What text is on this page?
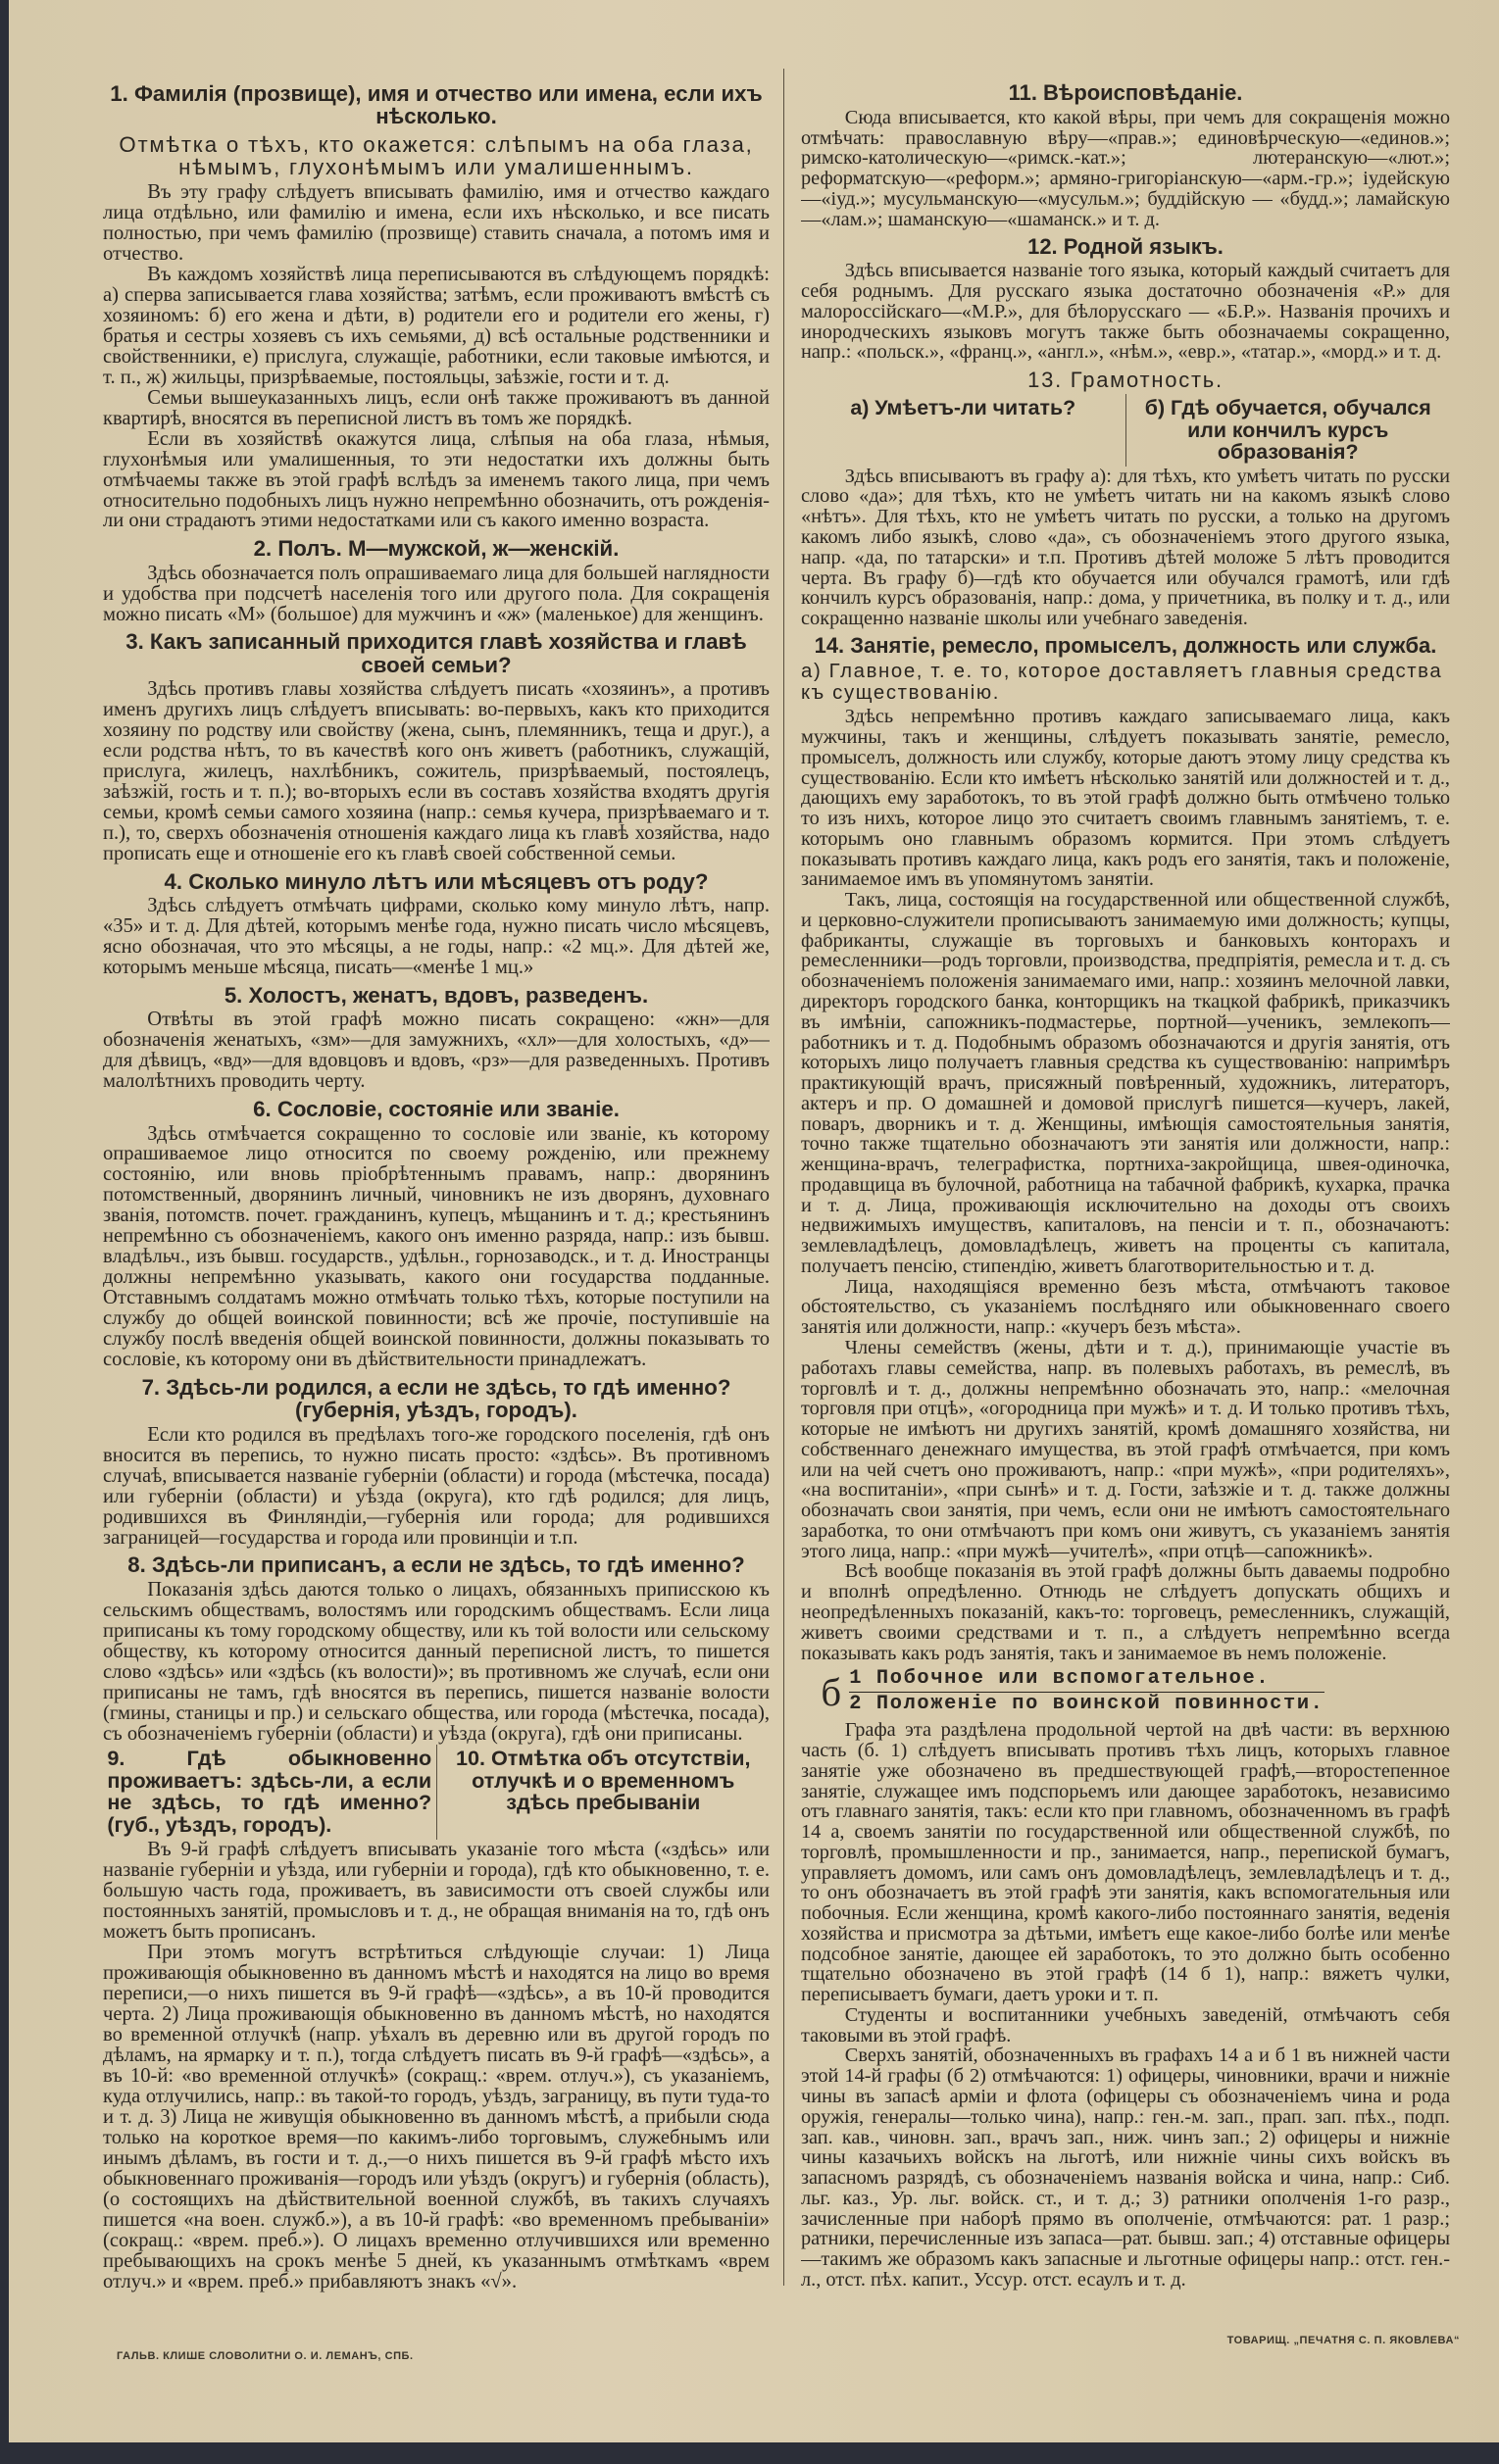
1. Фамилія (прозвище), имя и отчество или имена, если ихъ нѣсколько.
Отмѣтка о тѣхъ, кто окажется: слѣпымъ на оба глаза, нѣмымъ, глухонѣмымъ или умалишеннымъ.

Въ эту графу слѣдуетъ вписывать фамилію, имя и отчество каждаго лица отдѣльно, или фамилію и имена, если ихъ нѣсколько, и все писать полностью, при чемъ фамилію (прозвище) ставить сначала, а потомъ имя и отчество.

Въ каждомъ хозяйствѣ лица переписываются въ слѣдующемъ порядкѣ: а) сперва записывается глава хозяйства; затѣмъ, если проживаютъ вмѣстѣ съ хозяиномъ: б) его жена и дѣти, в) родители его и родители его жены, г) братья и сестры хозяевъ съ ихъ семьями, д) всѣ остальные родственники и свойственники, е) прислуга, служащіе, работники, если таковые имѣются, и т. п., ж) жильцы, призрѣваемые, постояльцы, заѣзжіе, гости и т. д.

Семьи вышеуказанныхъ лицъ, если онѣ также проживаютъ въ данной квартирѣ, вносятся въ переписной листъ въ томъ же порядкѣ.

Если въ хозяйствѣ окажутся лица, слѣпыя на оба глаза, нѣмыя, глухонѣмыя или умалишенныя, то эти недостатки ихъ должны быть отмѣчаемы также въ этой графѣ вслѣдъ за именемъ такого лица, при чемъ относительно подобныхъ лицъ нужно непремѣнно обозначить, отъ рожденія-ли они страдаютъ этими недостатками или съ какого именно возраста.

2. Полъ. М—мужской, ж—женскій.

Здѣсь обозначается полъ опрашиваемаго лица для большей наглядности и удобства при подсчетѣ населенія того или другого пола. Для сокращенія можно писать «М» (большое) для мужчинъ и «ж» (маленькое) для женщинъ.

3. Какъ записанный приходится главѣ хозяйства и главѣ своей семьи?

Здѣсь противъ главы хозяйства слѣдуетъ писать «хозяинъ», а противъ именъ другихъ лицъ слѣдуетъ вписывать: во-первыхъ, какъ кто приходится хозяину по родству или свойству (жена, сынъ, племянникъ, теща и друг.), а если родства нѣтъ, то въ качествѣ кого онъ живетъ (работникъ, служащій, прислуга, жилецъ, нахлѣбникъ, сожитель, призрѣваемый, постоялецъ, заѣзжій, гость и т. п.); во-вторыхъ если въ составъ хозяйства входятъ другія семьи, кромѣ семьи самого хозяина (напр.: семья кучера, призрѣваемаго и т. п.), то, сверхъ обозначенія отношенія каждаго лица къ главѣ хозяйства, надо прописать еще и отношеніе его къ главѣ своей собственной семьи.

4. Сколько минуло лѣтъ или мѣсяцевъ отъ роду?

Здѣсь слѣдуетъ отмѣчать цифрами, сколько кому минуло лѣтъ, напр. «35» и т. д. Для дѣтей, которымъ менѣе года, нужно писать число мѣсяцевъ, ясно обозначая, что это мѣсяцы, а не годы, напр.: «2 мц.». Для дѣтей же, которымъ меньше мѣсяца, писать—«менѣе 1 мц.»

5. Холостъ, женатъ, вдовъ, разведенъ.

Отвѣты въ этой графѣ можно писать сокращено: «жн»—для обозначенія женатыхъ, «зм»—для замужнихъ, «хл»—для холостыхъ, «д»—для дѣвицъ, «вд»—для вдовцовъ и вдовъ, «рз»—для разведенныхъ. Противъ малолѣтнихъ проводить черту.

6. Сословіе, состояніе или званіе.

Здѣсь отмѣчается сокращенно то сословіе или званіе, къ которому опрашиваемое лицо относится по своему рожденію, или прежнему состоянію, или вновь пріобрѣтеннымъ правамъ, напр.: дворянинъ потомственный, дворянинъ личный, чиновникъ не изъ дворянъ, духовнаго званія, потомств. почет. гражданинъ, купецъ, мѣщанинъ и т. д.; крестьянинъ непремѣнно съ обозначеніемъ, какого онъ именно разряда, напр.: изъ бывш. владѣльч., изъ бывш. государств., удѣльн., горнозаводск., и т. д. Иностранцы должны непремѣнно указывать, какого они государства подданные. Отставнымъ солдатамъ можно отмѣчать только тѣхъ, которые поступили на службу до общей воинской повинности; всѣ же прочіе, поступившіе на службу послѣ введенія общей воинской повинности, должны показывать то сословіе, къ которому они въ дѣйствительности принадлежатъ.

7. Здѣсь-ли родился, а если не здѣсь, то гдѣ именно? (губернія, уѣздъ, городъ).

Если кто родился въ предѣлахъ того-же городского поселенія, гдѣ онъ вносится въ перепись, то нужно писать просто: «здѣсь». Въ противномъ случаѣ, вписывается названіе губерніи (области) и города (мѣстечка, посада) или губерніи (области) и уѣзда (округа), кто гдѣ родился; для лицъ, родившихся въ Финляндіи,—губернія или города; для родившихся заграницей—государства и города или провинціи и т.п.

8. Здѣсь-ли приписанъ, а если не здѣсь, то гдѣ именно?

Показанія здѣсь даются только о лицахъ, обязанныхъ приписскою къ сельскимъ обществамъ, волостямъ или городскимъ обществамъ. Если лица приписаны къ тому городскому обществу, или къ той волости или сельскому обществу, къ которому относится данный переписной листъ, то пишется слово «здѣсь» или «здѣсь (къ волости)»; въ противномъ же случаѣ, если они приписаны не тамъ, гдѣ вносятся въ перепись, пишется названіе волости (гмины, станицы и пр.) и сельскаго общества, или города (мѣстечка, посада), съ обозначеніемъ губерніи (области) и уѣзда (округа), гдѣ они приписаны.

9. Гдѣ обыкновенно проживаетъ: здѣсь-ли, а если не здѣсь, то гдѣ именно? (губ., уѣздъ, городъ).
10. Отмѣтка объ отсутствіи, отлучкѣ и о временномъ здѣсь пребываніи

Въ 9-й графѣ слѣдуетъ вписывать указаніе того мѣста («здѣсь» или названіе губерніи и уѣзда, или губерніи и города), гдѣ кто обыкновенно, т. е. большую часть года, проживаетъ, въ зависимости отъ своей службы или постоянныхъ занятій, промысловъ и т. д., не обращая вниманія на то, гдѣ онъ можетъ быть прописанъ.

При этомъ могутъ встрѣтиться слѣдующіе случаи: 1) Лица проживающія обыкновенно въ данномъ мѣстѣ и находятся на лицо во время переписи,—о нихъ пишется въ 9-й графѣ—«здѣсь», а въ 10-й проводится черта. 2) Лица проживающія обыкновенно въ данномъ мѣстѣ, но находятся во временной отлучкѣ (напр. уѣхалъ въ деревню или въ другой городъ по дѣламъ, на ярмарку и т. п.), тогда слѣдуетъ писать въ 9-й графѣ—«здѣсь», а въ 10-й: «во временной отлучкѣ» (сокращ.: «врем. отлуч.»), съ указаніемъ, куда отлучились, напр.: въ такой-то городъ, уѣздъ, заграницу, въ пути туда-то и т. д. 3) Лица не живущія обыкновенно въ данномъ мѣстѣ, а прибыли сюда только на короткое время—по какимъ-либо торговымъ, служебнымъ или инымъ дѣламъ, въ гости и т. д.,—о нихъ пишется въ 9-й графѣ мѣсто ихъ обыкновеннаго проживанія—городъ или уѣздъ (округъ) и губернія (область), (о состоящихъ на дѣйствительной военной службѣ, въ такихъ случаяхъ пишется «на воен. служб.»), а въ 10-й графѣ: «во временномъ пребываніи» (сокращ.: «врем. преб.»). О лицахъ временно отлучившихся или временно пребывающихъ на срокъ менѣе 5 дней, къ указаннымъ отмѣткамъ «врем отлуч.» и «врем. преб.» прибавляютъ знакъ «√».

11. Вѣроисповѣданіе.

Сюда вписывается, кто какой вѣры, при чемъ для сокращенія можно отмѣчать: православную вѣру—«прав.»; единовѣрческую—«единов.»; римско-католическую—«римск.-кат.»; лютеранскую—«лют.»; реформатскую—«реформ.»; армяно-григоріанскую—«арм.-гр.»; іудейскую—«іуд.»; мусульманскую—«мусульм.»; буддійскую — «будд.»; ламайскую—«лам.»; шаманскую—«шаманск.» и т. д.

12. Родной языкъ.

Здѣсь вписывается названіе того языка, который каждый считаетъ для себя роднымъ. Для русскаго языка достаточно обозначенія «Р.» для малороссійскаго—«М.Р.», для бѣлорусскаго — «Б.Р.». Названія прочихъ и инородческихъ языковъ могутъ также быть обозначаемы сокращенно, напр.: «польск.», «франц.», «англ.», «нѣм.», «евр.», «татар.», «морд.» и т. д.

13. Грамотность.
а) Умѣетъ-ли читать?	б) Гдѣ обучается, обучался или кончилъ курсъ образованія?

Здѣсь вписываютъ въ графу а): для тѣхъ, кто умѣетъ читать по русски слово «да»; для тѣхъ, кто не умѣетъ читать ни на какомъ языкѣ слово «нѣтъ». Для тѣхъ, кто не умѣетъ читать по русски, а только на другомъ какомъ либо языкѣ, слово «да», съ обозначеніемъ этого другого языка, напр. «да, по татарски» и т.п. Противъ дѣтей моложе 5 лѣтъ проводится черта. Въ графу б)—гдѣ кто обучается или обучался грамотѣ, или гдѣ кончилъ курсъ образованія, напр.: дома, у причетника, въ полку и т. д., или сокращенно названіе школы или учебнаго заведенія.

14. Занятіе, ремесло, промыселъ, должность или служба.
а) Главное, т. е. то, которое доставляетъ главныя средства къ существованію.

Здѣсь непремѣнно противъ каждаго записываемаго лица, какъ мужчины, такъ и женщины, слѣдуетъ показывать занятіе, ремесло, промыселъ, должность или службу, которые даютъ этому лицу средства къ существованію. Если кто имѣетъ нѣсколько занятій или должностей и т. д., дающихъ ему заработокъ, то въ этой графѣ должно быть отмѣчено только то изъ нихъ, которое лицо это считаетъ своимъ главнымъ занятіемъ, т. е. которымъ оно главнымъ образомъ кормится. При этомъ слѣдуетъ показывать противъ каждаго лица, какъ родъ его занятія, такъ и положеніе, занимаемое имъ въ упомянутомъ занятіи.

Такъ, лица, состоящія на государственной или общественной службѣ, и церковно-служители прописываютъ занимаемую ими должность; купцы, фабриканты, служащіе въ торговыхъ и банковыхъ конторахъ и ремесленники—родъ торговли, производства, предпріятія, ремесла и т. д. съ обозначеніемъ положенія занимаемаго ими, напр.: хозяинъ мелочной лавки, директоръ городского банка, конторщикъ на ткацкой фабрикѣ, приказчикъ въ имѣніи, сапожникъ-подмастерье, портной—ученикъ, землекопъ—работникъ и т. д. Подобнымъ образомъ обозначаются и другія занятія, отъ которыхъ лицо получаетъ главныя средства къ существованію: напримѣръ практикующій врачъ, присяжный повѣренный, художникъ, литераторъ, актеръ и пр. О домашней и домовой прислугѣ пишется—кучеръ, лакей, поваръ, дворникъ и т. д. Женщины, имѣющія самостоятельныя занятія, точно также тщательно обозначаютъ эти занятія или должности, напр.: женщина-врачъ, телеграфистка, портниха-закройщица, швея-одиночка, продавщица въ булочной, работница на табачной фабрикѣ, кухарка, прачка и т. д. Лица, проживающія исключительно на доходы отъ своихъ недвижимыхъ имуществъ, капиталовъ, на пенсіи и т. п., обозначаютъ: землевладѣлецъ, домовладѣлецъ, живетъ на проценты съ капитала, получаетъ пенсію, стипендію, живетъ благотворительностью и т. д.

Лица, находящіяся временно безъ мѣста, отмѣчаютъ таковое обстоятельство, съ указаніемъ послѣдняго или обыкновеннаго своего занятія или должности, напр.: «кучеръ безъ мѣста».

Члены семействъ (жены, дѣти и т. д.), принимающіе участіе въ работахъ главы семейства, напр. въ полевыхъ работахъ, въ ремеслѣ, въ торговлѣ и т. д., должны непремѣнно обозначать это, напр.: «мелочная торговля при отцѣ», «огородница при мужѣ» и т. д. И только противъ тѣхъ, которые не имѣютъ ни другихъ занятій, кромѣ домашняго хозяйства, ни собственнаго денежнаго имущества, въ этой графѣ отмѣчается, при комъ или на чей счетъ оно проживаютъ, напр.: «при мужѣ», «при родителяхъ», «на воспитаніи», «при сынѣ» и т. д. Гости, заѣзжіе и т. д. также должны обозначать свои занятія, при чемъ, если они не имѣютъ самостоятельнаго заработка, то они отмѣчаютъ при комъ они живутъ, съ указаніемъ занятія этого лица, напр.: «при мужѣ—учителѣ», «при отцѣ—сапожникѣ».

Всѣ вообще показанія въ этой графѣ должны быть даваемы подробно и вполнѣ опредѣленно. Отнюдь не слѣдуетъ допускать общихъ и неопредѣленныхъ показаній, какъ-то: торговецъ, ремесленникъ, служащій, живетъ своими средствами и т. п., а слѣдуетъ непремѣнно всегда показывать какъ родъ занятія, такъ и занимаемое въ немъ положеніе.

б 1 Побочное или вспомогательное.
2 Положеніе по воинской повинности.

Графа эта раздѣлена продольной чертой на двѣ части: въ верхнюю часть (б. 1) слѣдуетъ вписывать противъ тѣхъ лицъ, которыхъ главное занятіе уже обозначено въ предшествующей графѣ,—второстепенное занятіе, служащее имъ подспорьемъ или дающее заработокъ, независимо отъ главнаго занятія, такъ: если кто при главномъ, обозначенномъ въ графѣ 14 а, своемъ занятіи по государственной или общественной службѣ, по торговлѣ, промышленности и пр., занимается, напр., перепиской бумагъ, управляетъ домомъ, или самъ онъ домовладѣлецъ, землевладѣлецъ и т. д., то онъ обозначаетъ въ этой графѣ эти занятія, какъ вспомогательныя или побочныя. Если женщина, кромѣ какого-либо постояннаго занятія, веденія хозяйства и присмотра за дѣтьми, имѣетъ еще какое-либо болѣе или менѣе подсобное занятіе, дающее ей заработокъ, то это должно быть особенно тщательно обозначено въ этой графѣ (14 б 1), напр.: вяжетъ чулки, переписываетъ бумаги, даетъ уроки и т. п.

Студенты и воспитанники учебныхъ заведеній, отмѣчаютъ себя таковыми въ этой графѣ.

Сверхъ занятій, обозначенныхъ въ графахъ 14 а и б 1 въ нижней части этой 14-й графы (б 2) отмѣчаются: 1) офицеры, чиновники, врачи и нижніе чины въ запасѣ арміи и флота (офицеры съ обозначеніемъ чина и рода оружія, генералы—только чина), напр.: ген.-м. зап., прап. зап. пѣх., подп. зап. кав., чиновн. зап., врачъ зап., ниж. чинъ зап.; 2) офицеры и нижніе чины казачьихъ войскъ на льготѣ, или нижніе чины сихъ войскъ въ запасномъ разрядѣ, съ обозначеніемъ названія войска и чина, напр.: Сиб. льг. каз., Ур. льг. войск. ст., и т. д.; 3) ратники ополченія 1-го разр., зачисленные при наборѣ прямо въ ополченіе, отмѣчаются: рат. 1 разр.; ратники, перечисленные изъ запаса—рат. бывш. зап.; 4) отставные офицеры—такимъ же образомъ какъ запасные и льготные офицеры напр.: отст. ген.-л., отст. пѣх. капит., Уссур. отст. есаулъ и т. д.

ГАЛЬВ. КЛИШЕ СЛОВОЛИТНИ О. И. ЛЕМАНЪ, СПБ.
ТОВАРИЩ. „ПЕЧАТНЯ С. П. ЯКОВЛЕВА“
